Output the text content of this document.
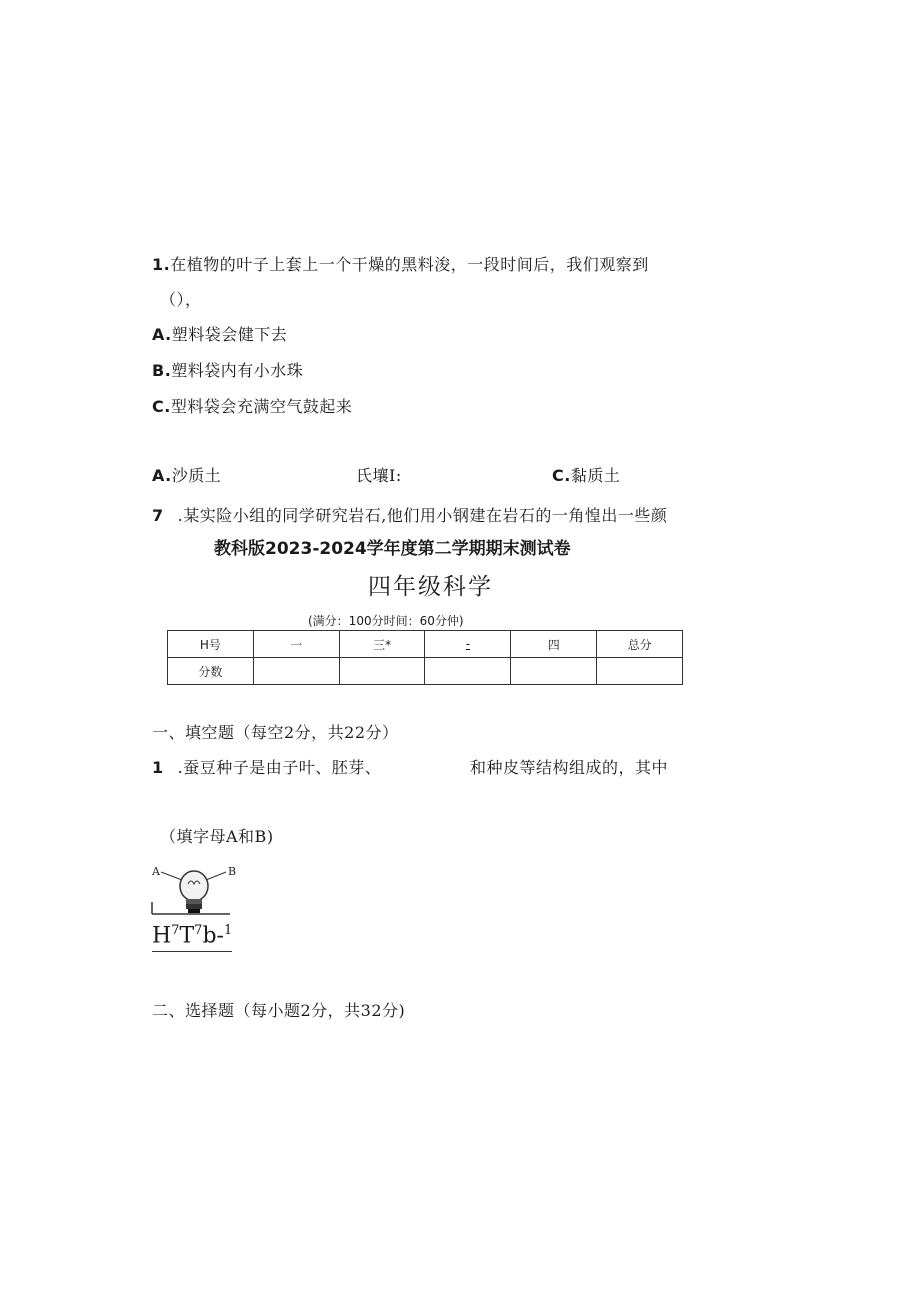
1.在植物的叶子上套上一个干燥的黑料浚，一段时间后，我们观察到
（），
A.塑料袋会健下去
B.塑料袋内有小水珠
C.型料袋会充满空气鼓起来
A.沙质土	氏壤I:	C.黏质土
7 .某实险小组的同学研究岩石,他们用小钢建在岩石的一角惶出一些颜
教科版2023-2024学年度第二学期期末测试卷
四年级科学
(满分：100分时间：60分仲)
H号	一	三*	-	四	总分
分数					
一、填空题（每空2分，共22分）
1 .蚕豆种子是由子叶、胚芽、	和种皮等结构组成的，其中
（填字母A和B)
A	B
$H^7T^7b-^1$
二、选择题（每小题2分，共32分)
